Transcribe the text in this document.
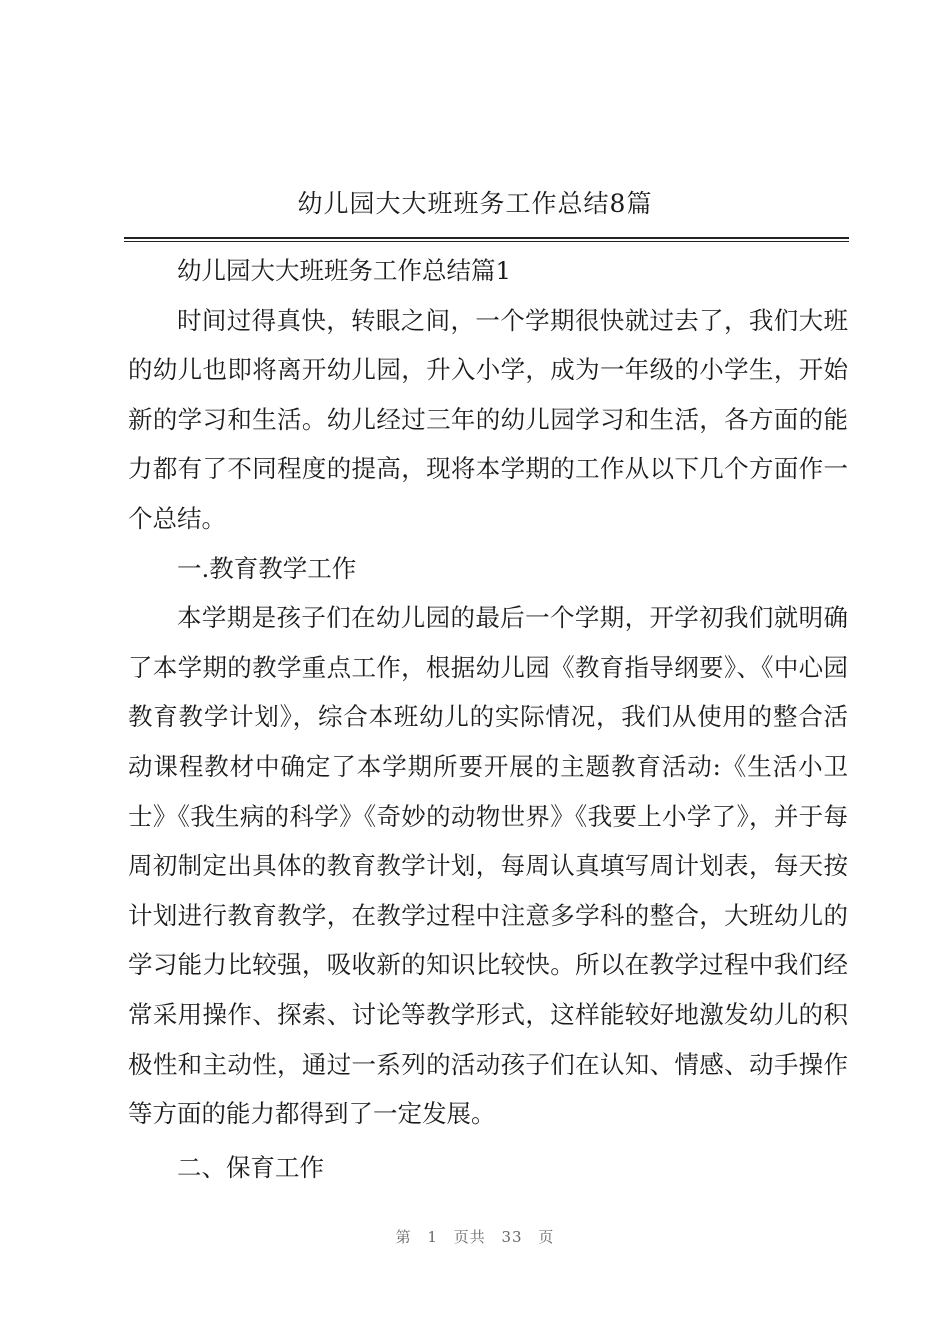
幼儿园大大班班务工作总结8篇

幼儿园大大班班务工作总结篇1

时间过得真快，转眼之间，一个学期很快就过去了，我们大班的幼儿也即将离开幼儿园，升入小学，成为一年级的小学生，开始新的学习和生活。幼儿经过三年的幼儿园学习和生活，各方面的能力都有了不同程度的提高，现将本学期的工作从以下几个方面作一个总结。

一.教育教学工作

本学期是孩子们在幼儿园的最后一个学期，开学初我们就明确了本学期的教学重点工作，根据幼儿园《教育指导纲要》、《中心园教育教学计划》，综合本班幼儿的实际情况，我们从使用的整合活动课程教材中确定了本学期所要开展的主题教育活动:《生活小卫士》《我生病的科学》《奇妙的动物世界》《我要上小学了》，并于每周初制定出具体的教育教学计划，每周认真填写周计划表，每天按计划进行教育教学，在教学过程中注意多学科的整合，大班幼儿的学习能力比较强，吸收新的知识比较快。所以在教学过程中我们经常采用操作、探索、讨论等教学形式，这样能较好地激发幼儿的积极性和主动性，通过一系列的活动孩子们在认知、情感、动手操作等方面的能力都得到了一定发展。

二、保育工作

第 1 页共 33 页
